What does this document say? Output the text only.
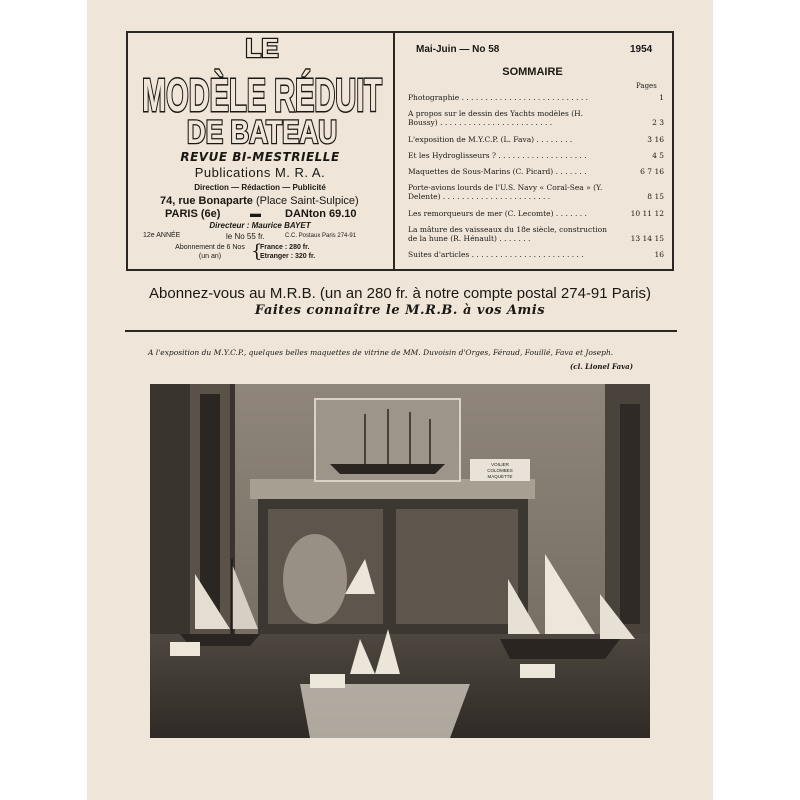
LE
MODÈLE RÉDUIT
DE BATEAU
REVUE BI-MESTRIELLE
Publications M. R. A.
Direction — Rédaction — Publicité
74, rue Bonaparte (Place Saint-Sulpice)
PARIS (6e)	▬ DANton 69.10
Directeur : Maurice BAYET
12e ANNÉE	le No 55 fr.	C.C. Postaux Paris 274-91
Abonnement de 6 Nos
(un an)	{
France : 280 fr.
Etranger : 320 fr.
Mai-Juin — No 58	1954
SOMMAIRE
Pages
Photographie . . . . . . . . . . . . . . . . . . . . . . . . . . .	1
A propos sur le dessin des Yachts modèles (H. Boussy) . . . . . . . . . . . . . . . . . . . . . . . .	2 3
L'exposition de M.Y.C.P. (L. Fava) . . . . . . . .	3 16
Et les Hydroglisseurs ? . . . . . . . . . . . . . . . . . . .	4 5
Maquettes de Sous-Marins (C. Picard) . . . . . . .	6 7 16
Porte-avions lourds de l'U.S. Navy « Coral-Sea » (Y. Delente) . . . . . . . . . . . . . . . . . . . . . . .	8 15
Les remorqueurs de mer (C. Lecomte) . . . . . . .	10 11 12
La mâture des vaisseaux du 18e siècle, construction de la hune (R. Hénault) . . . . . . .	13 14 15
Suites d'articles . . . . . . . . . . . . . . . . . . . . . . . .	16
Abonnez-vous au M.R.B. (un an 280 fr. à notre compte postal 274-91 Paris)
Faites connaître le M.R.B. à vos Amis
A l'exposition du M.Y.C.P., quelques belles maquettes de vitrine de MM. Duvoisin d'Orges, Féraud, Fouillé, Fava et Joseph.
(cl. Lionel Fava)
VOILIER
COLOMBES
MAQUETTE
